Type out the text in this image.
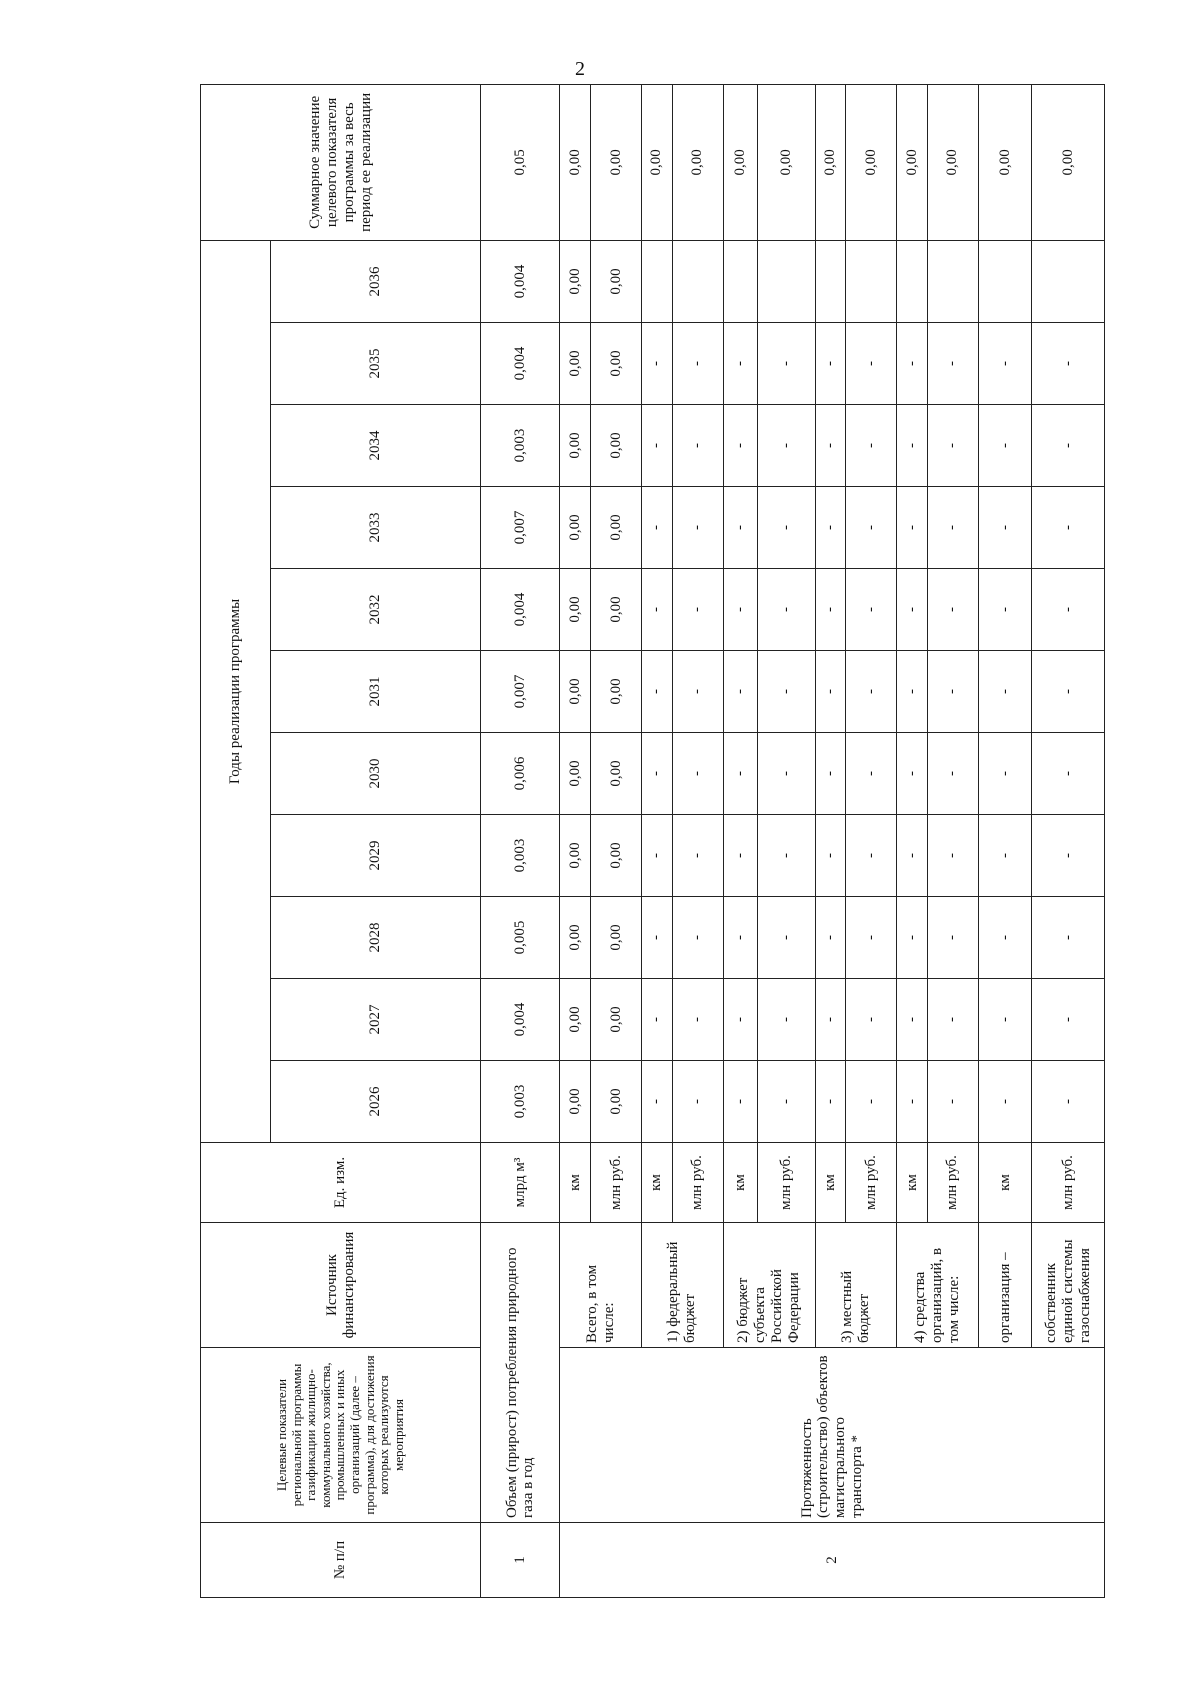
2
№ п/п	Целевые показатели региональной программы газификации жилищно-коммунального хозяйства, промышленных и иных организаций (далее – программа), для достижения которых реализуются мероприятия	Источник финансирования	Ед. изм.	Годы реализации программы											Суммарное значение целевого показателя программы за весь период ее реализации
				2026	2027	2028	2029	2030	2031	2032	2033	2034	2035	2036	
1	Объем (прирост) потребления природного газа в год		млрд м³	0,003	0,004	0,005	0,003	0,006	0,007	0,004	0,007	0,003	0,004	0,004	0,05
2	Протяженность (строительство) объектов магистрального транспорта *	Всего, в том числе:	км	0,00	0,00	0,00	0,00	0,00	0,00	0,00	0,00	0,00	0,00	0,00	0,00
			млн руб.	0,00	0,00	0,00	0,00	0,00	0,00	0,00	0,00	0,00	0,00	0,00	0,00
		1) федеральный бюджет	км	-	-	-	-	-	-	-	-	-	-		0,00
			млн руб.	-	-	-	-	-	-	-	-	-	-		0,00
		2) бюджет субъекта Российской Федерации	км	-	-	-	-	-	-	-	-	-	-		0,00
			млн руб.	-	-	-	-	-	-	-	-	-	-		0,00
		3) местный бюджет	км	-	-	-	-	-	-	-	-	-	-		0,00
			млн руб.	-	-	-	-	-	-	-	-	-	-		0,00
		4) средства организаций, в том числе:	км	-	-	-	-	-	-	-	-	-	-		0,00
			млн руб.	-	-	-	-	-	-	-	-	-	-		0,00
		организация –	км	-	-	-	-	-	-	-	-	-	-		0,00
		собственник единой системы газоснабжения	млн руб.	-	-	-	-	-	-	-	-	-	-		0,00
